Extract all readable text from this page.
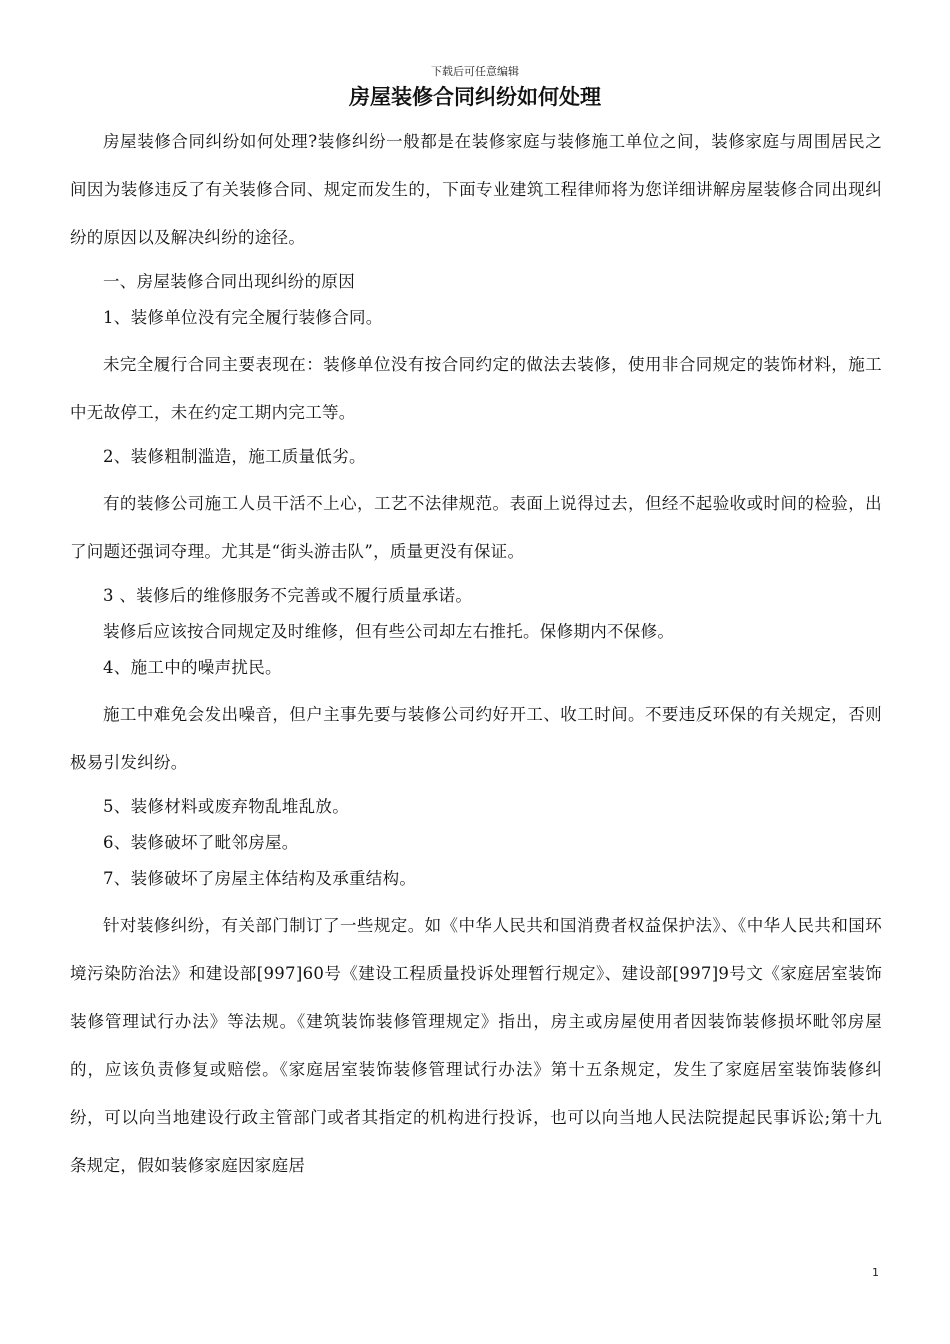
下载后可任意编辑
房屋装修合同纠纷如何处理

房屋装修合同纠纷如何处理?装修纠纷一般都是在装修家庭与装修施工单位之间，装修家庭与周围居民之间因为装修违反了有关装修合同、规定而发生的，下面专业建筑工程律师将为您详细讲解房屋装修合同出现纠纷的原因以及解决纠纷的途径。

一、房屋装修合同出现纠纷的原因

1、装修单位没有完全履行装修合同。

未完全履行合同主要表现在：装修单位没有按合同约定的做法去装修，使用非合同规定的装饰材料，施工中无故停工，未在约定工期内完工等。

2、装修粗制滥造，施工质量低劣。

有的装修公司施工人员干活不上心，工艺不法律规范。表面上说得过去，但经不起验收或时间的检验，出了问题还强词夺理。尤其是“街头游击队”，质量更没有保证。

3 、装修后的维修服务不完善或不履行质量承诺。

装修后应该按合同规定及时维修，但有些公司却左右推托。保修期内不保修。

4、施工中的噪声扰民。

施工中难免会发出噪音，但户主事先要与装修公司约好开工、收工时间。不要违反环保的有关规定，否则极易引发纠纷。

5、装修材料或废弃物乱堆乱放。

6、装修破坏了毗邻房屋。

7、装修破坏了房屋主体结构及承重结构。

针对装修纠纷，有关部门制订了一些规定。如《中华人民共和国消费者权益保护法》、《中华人民共和国环境污染防治法》和建设部[997]60号《建设工程质量投诉处理暂行规定》、建设部[997]9号文《家庭居室装饰装修管理试行办法》等法规。《建筑装饰装修管理规定》指出，房主或房屋使用者因装饰装修损坏毗邻房屋的，应该负责修复或赔偿。《家庭居室装饰装修管理试行办法》第十五条规定，发生了家庭居室装饰装修纠纷，可以向当地建设行政主管部门或者其指定的机构进行投诉，也可以向当地人民法院提起民事诉讼;第十九条规定，假如装修家庭因家庭居

1
